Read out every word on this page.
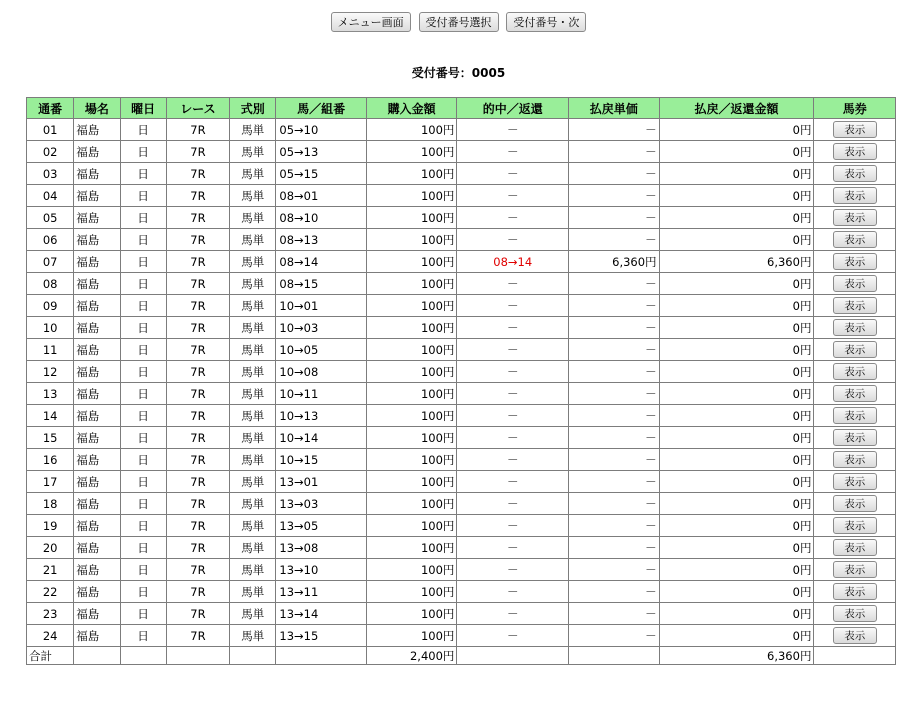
メニュー画面 受付番号選択 受付番号・次
受付番号：0005
通番	場名	曜日	レース	式別	馬／組番	購入金額	的中／返還	払戻単価	払戻／返還金額	馬券
01	福島	日	7R	馬単	05→10	100円	－	－	0円	表示
02	福島	日	7R	馬単	05→13	100円	－	－	0円	表示
03	福島	日	7R	馬単	05→15	100円	－	－	0円	表示
04	福島	日	7R	馬単	08→01	100円	－	－	0円	表示
05	福島	日	7R	馬単	08→10	100円	－	－	0円	表示
06	福島	日	7R	馬単	08→13	100円	－	－	0円	表示
07	福島	日	7R	馬単	08→14	100円	08→14	6,360円	6,360円	表示
08	福島	日	7R	馬単	08→15	100円	－	－	0円	表示
09	福島	日	7R	馬単	10→01	100円	－	－	0円	表示
10	福島	日	7R	馬単	10→03	100円	－	－	0円	表示
11	福島	日	7R	馬単	10→05	100円	－	－	0円	表示
12	福島	日	7R	馬単	10→08	100円	－	－	0円	表示
13	福島	日	7R	馬単	10→11	100円	－	－	0円	表示
14	福島	日	7R	馬単	10→13	100円	－	－	0円	表示
15	福島	日	7R	馬単	10→14	100円	－	－	0円	表示
16	福島	日	7R	馬単	10→15	100円	－	－	0円	表示
17	福島	日	7R	馬単	13→01	100円	－	－	0円	表示
18	福島	日	7R	馬単	13→03	100円	－	－	0円	表示
19	福島	日	7R	馬単	13→05	100円	－	－	0円	表示
20	福島	日	7R	馬単	13→08	100円	－	－	0円	表示
21	福島	日	7R	馬単	13→10	100円	－	－	0円	表示
22	福島	日	7R	馬単	13→11	100円	－	－	0円	表示
23	福島	日	7R	馬単	13→14	100円	－	－	0円	表示
24	福島	日	7R	馬単	13→15	100円	－	－	0円	表示
合計						2,400円			6,360円	
